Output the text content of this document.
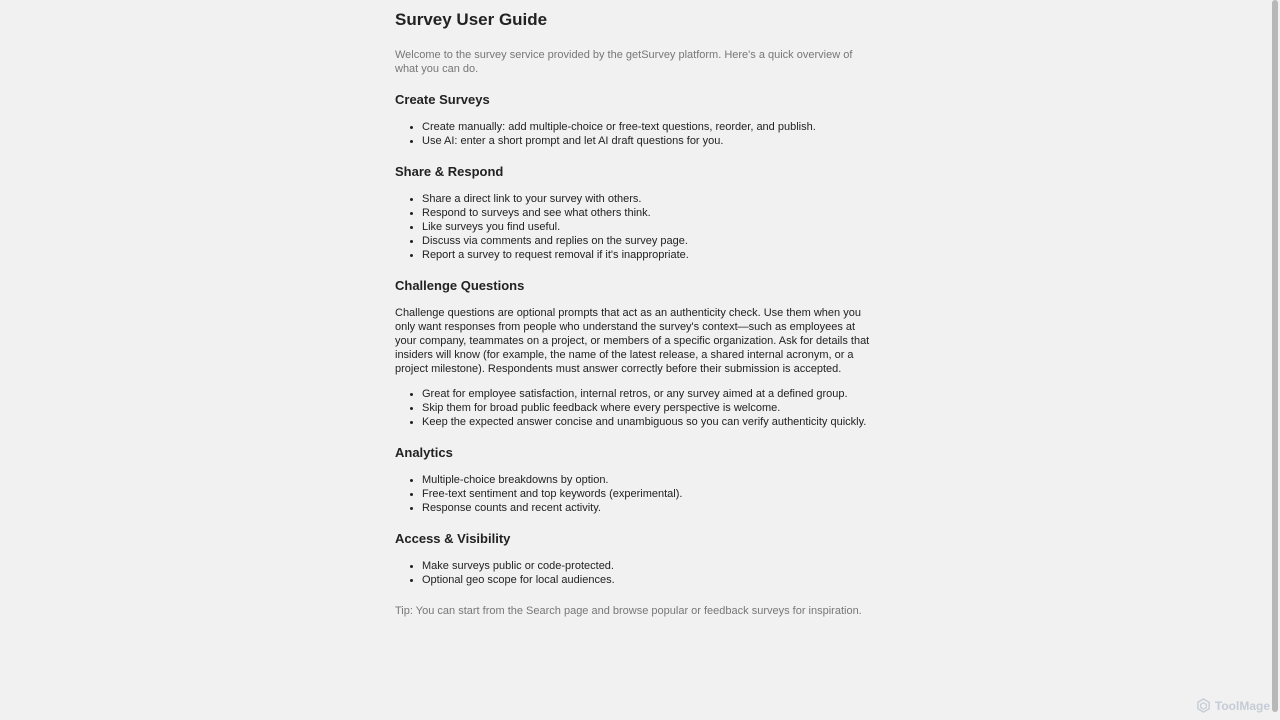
Survey User Guide

Welcome to the survey service provided by the getSurvey platform. Here's a quick overview of what you can do.

Create Surveys
• Create manually: add multiple-choice or free-text questions, reorder, and publish.
• Use AI: enter a short prompt and let AI draft questions for you.
Share & Respond
• Share a direct link to your survey with others.
• Respond to surveys and see what others think.
• Like surveys you find useful.
• Discuss via comments and replies on the survey page.
• Report a survey to request removal if it's inappropriate.
Challenge Questions

Challenge questions are optional prompts that act as an authenticity check. Use them when you only want responses from people who understand the survey's context—such as employees at your company, teammates on a project, or members of a specific organization. Ask for details that insiders will know (for example, the name of the latest release, a shared internal acronym, or a project milestone). Respondents must answer correctly before their submission is accepted.

• Great for employee satisfaction, internal retros, or any survey aimed at a defined group.
• Skip them for broad public feedback where every perspective is welcome.
• Keep the expected answer concise and unambiguous so you can verify authenticity quickly.
Analytics
• Multiple-choice breakdowns by option.
• Free-text sentiment and top keywords (experimental).
• Response counts and recent activity.
Access & Visibility
• Make surveys public or code-protected.
• Optional geo scope for local audiences.

Tip: You can start from the Search page and browse popular or feedback surveys for inspiration.

ToolMage
